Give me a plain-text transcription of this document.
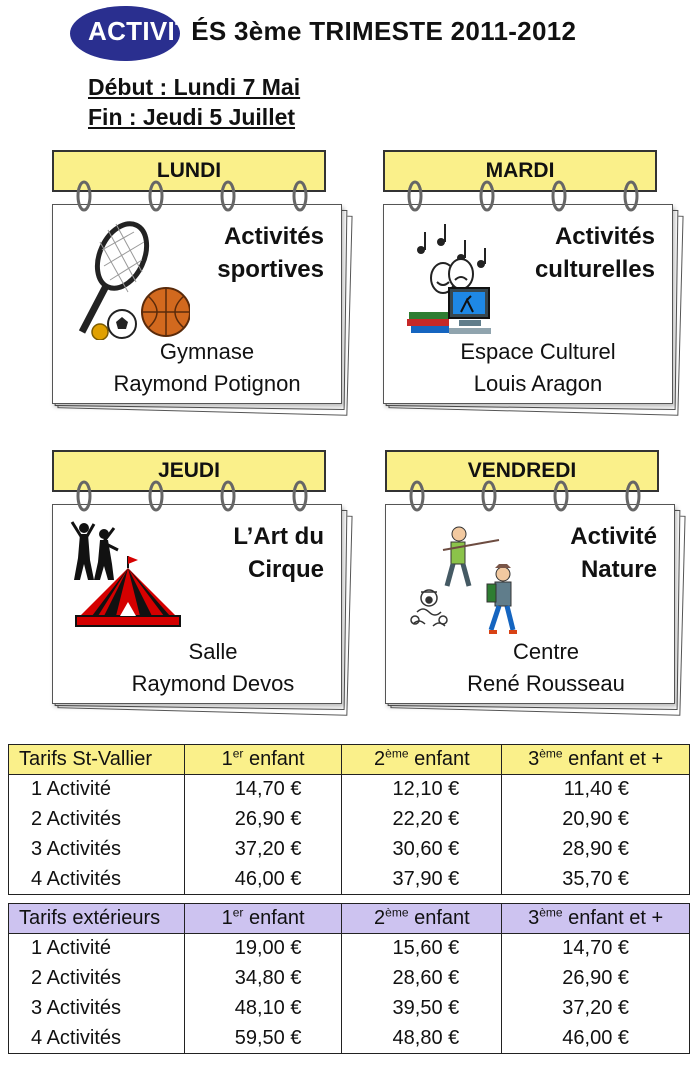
ACTIVITÉS 3ème TRIMESTE 2011-2012
Début : Lundi 7 Mai
Fin : Jeudi 5 Juillet
LUNDI
Activités
sportives
Gymnase
Raymond Potignon
MARDI
Activités
culturelles
Espace Culturel
Louis Aragon
JEUDI
L’Art du
Cirque
Salle
Raymond Devos
VENDREDI
Activité
Nature
Centre
René Rousseau
Tarifs St-Vallier	1er enfant	2ème enfant	3ème enfant et +
1 Activité	14,70 €	12,10 €	11,40 €
2 Activités	26,90 €	22,20 €	20,90 €
3 Activités	37,20 €	30,60 €	28,90 €
4 Activités	46,00 €	37,90 €	35,70 €
Tarifs extérieurs	1er enfant	2ème enfant	3ème enfant et +
1 Activité	19,00 €	15,60 €	14,70 €
2 Activités	34,80 €	28,60 €	26,90 €
3 Activités	48,10 €	39,50 €	37,20 €
4 Activités	59,50 €	48,80 €	46,00 €
